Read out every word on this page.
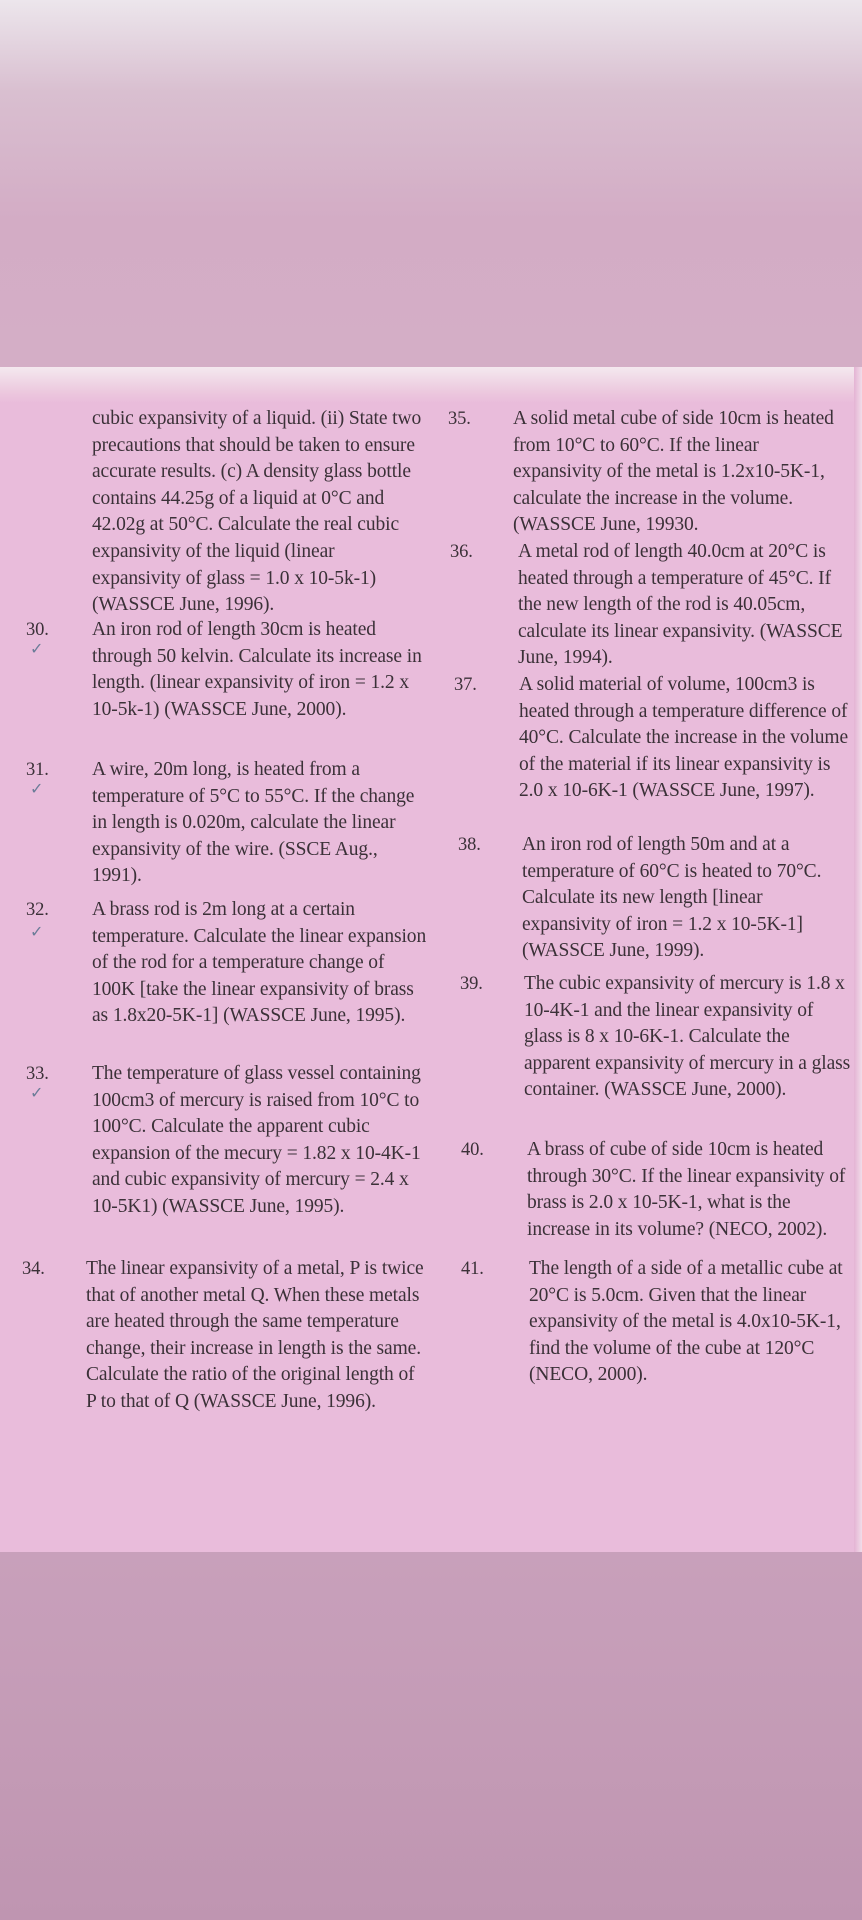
cubic expansivity of a liquid. (ii) State two precautions that should be taken to ensure accurate results. (c) A density glass bottle contains 44.25g of a liquid at 0°C and 42.02g at 50°C. Calculate the real cubic expansivity of the liquid (linear expansivity of glass = 1.0 x 10-5k-1) (WASSCE June, 1996).
✓
30. An iron rod of length 30cm is heated through 50 kelvin. Calculate its increase in length. (linear expansivity of iron = 1.2 x 10-5k-1) (WASSCE June, 2000).
✓
31. A wire, 20m long, is heated from a temperature of 5°C to 55°C. If the change in length is 0.020m, calculate the linear expansivity of the wire. (SSCE Aug., 1991).
✓
32. A brass rod is 2m long at a certain temperature. Calculate the linear expansion of the rod for a temperature change of 100K [take the linear expansivity of brass as 1.8x20-5K-1] (WASSCE June, 1995).
✓
33. The temperature of glass vessel containing 100cm3 of mercury is raised from 10°C to 100°C. Calculate the apparent cubic expansion of the mecury = 1.82 x 10-4K-1 and cubic expansivity of mercury = 2.4 x 10-5K1) (WASSCE June, 1995).
34. The linear expansivity of a metal, P is twice that of another metal Q. When these metals are heated through the same temperature change, their increase in length is the same. Calculate the ratio of the original length of P to that of Q (WASSCE June, 1996).
35. A solid metal cube of side 10cm is heated from 10°C to 60°C. If the linear expansivity of the metal is 1.2x10-5K-1, calculate the increase in the volume. (WASSCE June, 19930.
36. A metal rod of length 40.0cm at 20°C is heated through a temperature of 45°C. If the new length of the rod is 40.05cm, calculate its linear expansivity. (WASSCE June, 1994).
37. A solid material of volume, 100cm3 is heated through a temperature difference of 40°C. Calculate the increase in the volume of the material if its linear expansivity is 2.0 x 10-6K-1 (WASSCE June, 1997).
38. An iron rod of length 50m and at a temperature of 60°C is heated to 70°C. Calculate its new length [linear expansivity of iron = 1.2 x 10-5K-1] (WASSCE June, 1999).
39. The cubic expansivity of mercury is 1.8 x 10-4K-1 and the linear expansivity of glass is 8 x 10-6K-1. Calculate the apparent expansivity of mercury in a glass container. (WASSCE June, 2000).
40. A brass of cube of side 10cm is heated through 30°C. If the linear expansivity of brass is 2.0 x 10-5K-1, what is the increase in its volume? (NECO, 2002).
41. The length of a side of a metallic cube at 20°C is 5.0cm. Given that the linear expansivity of the metal is 4.0x10-5K-1, find the volume of the cube at 120°C (NECO, 2000).
